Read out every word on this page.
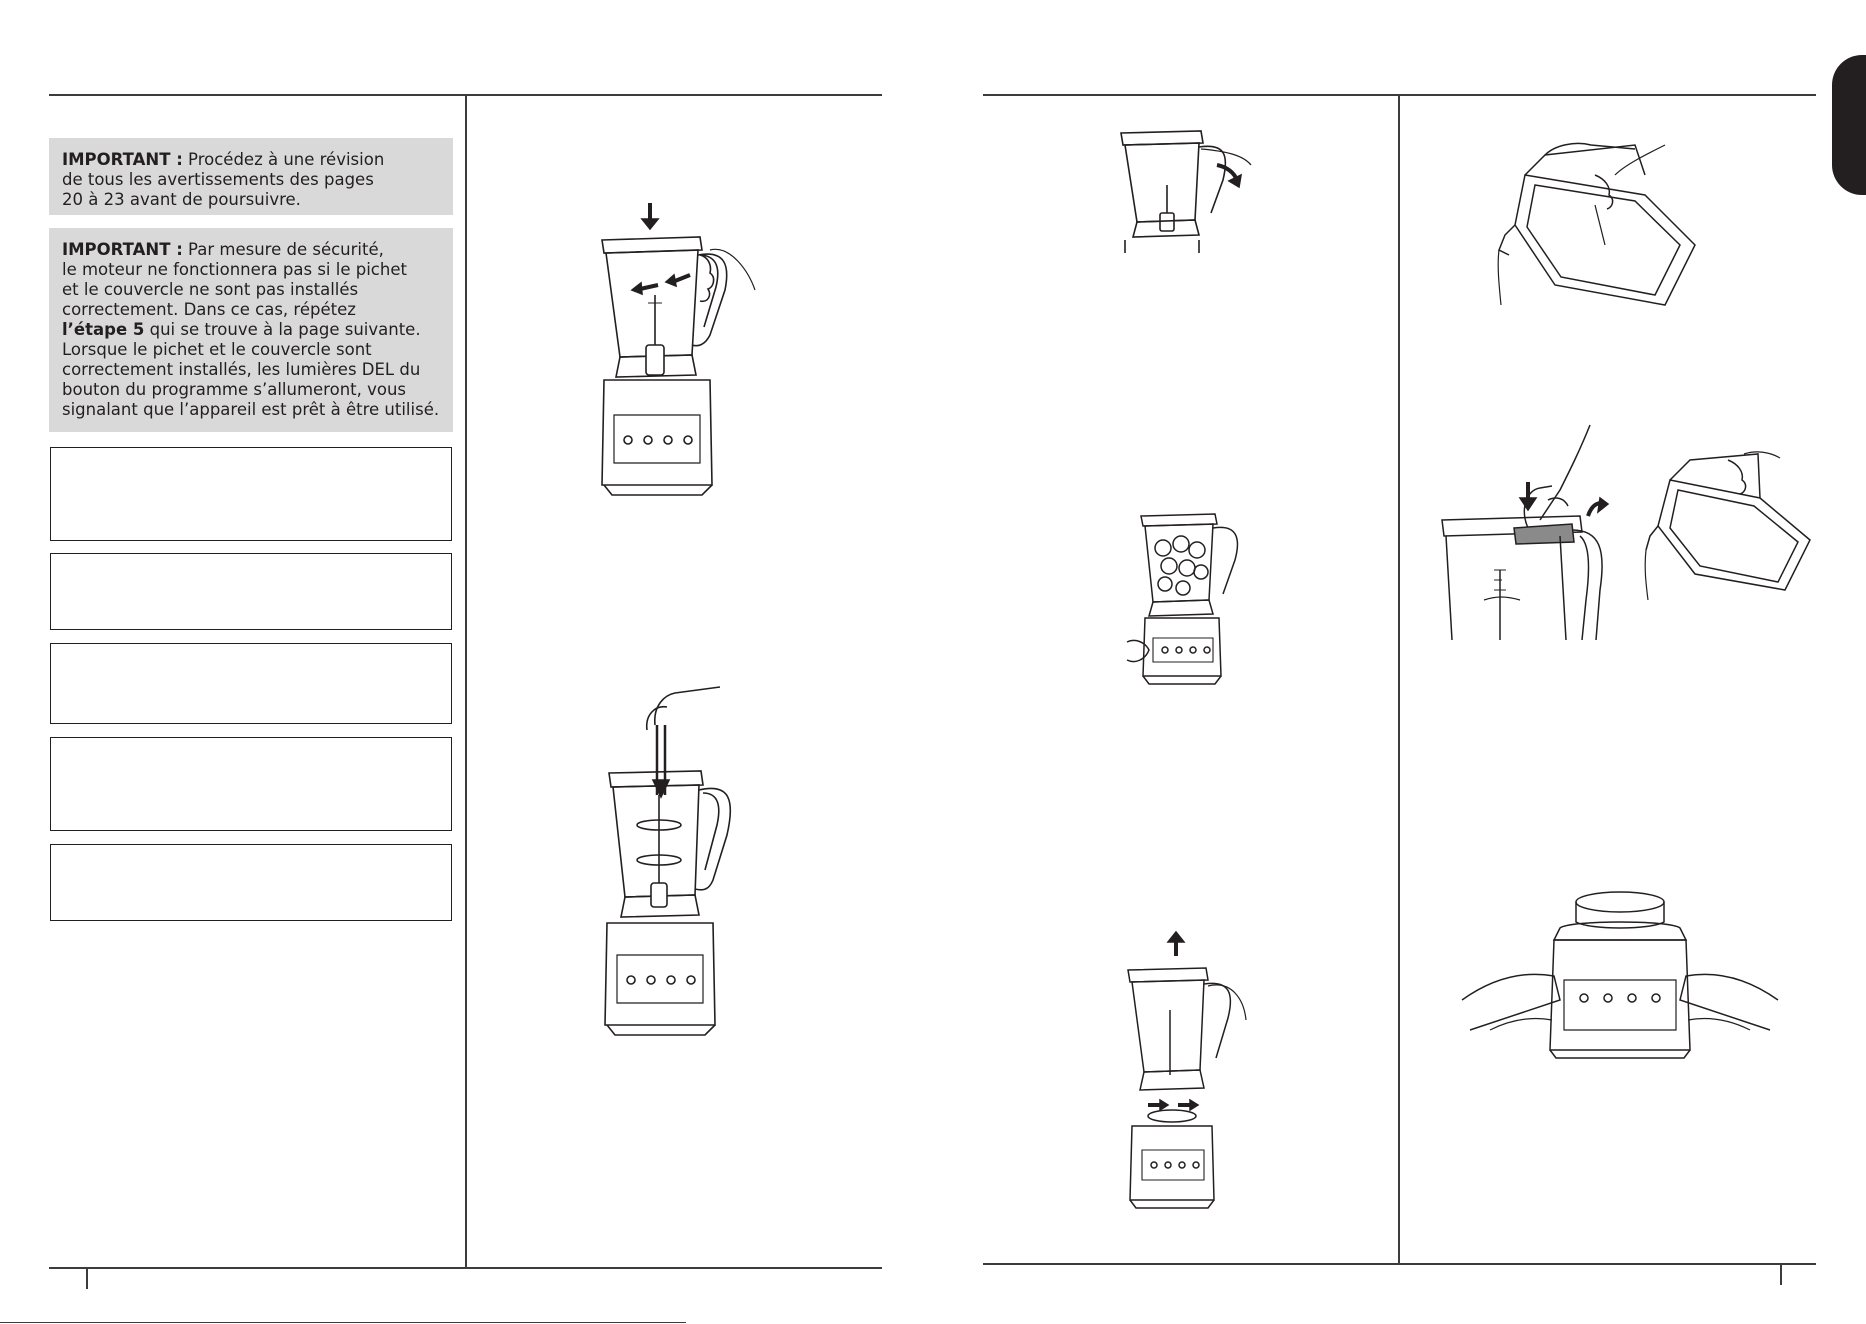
IMPORTANT : Procédez à une révision
de tous les avertissements des pages
20 à 23 avant de poursuivre.
IMPORTANT : Par mesure de sécurité,
le moteur ne fonctionnera pas si le pichet
et le couvercle ne sont pas installés
correctement. Dans ce cas, répétez
l’étape 5 qui se trouve à la page suivante.
Lorsque le pichet et le couvercle sont
correctement installés, les lumières DEL du
bouton du programme s’allumeront, vous
signalant que l’appareil est prêt à être utilisé.
